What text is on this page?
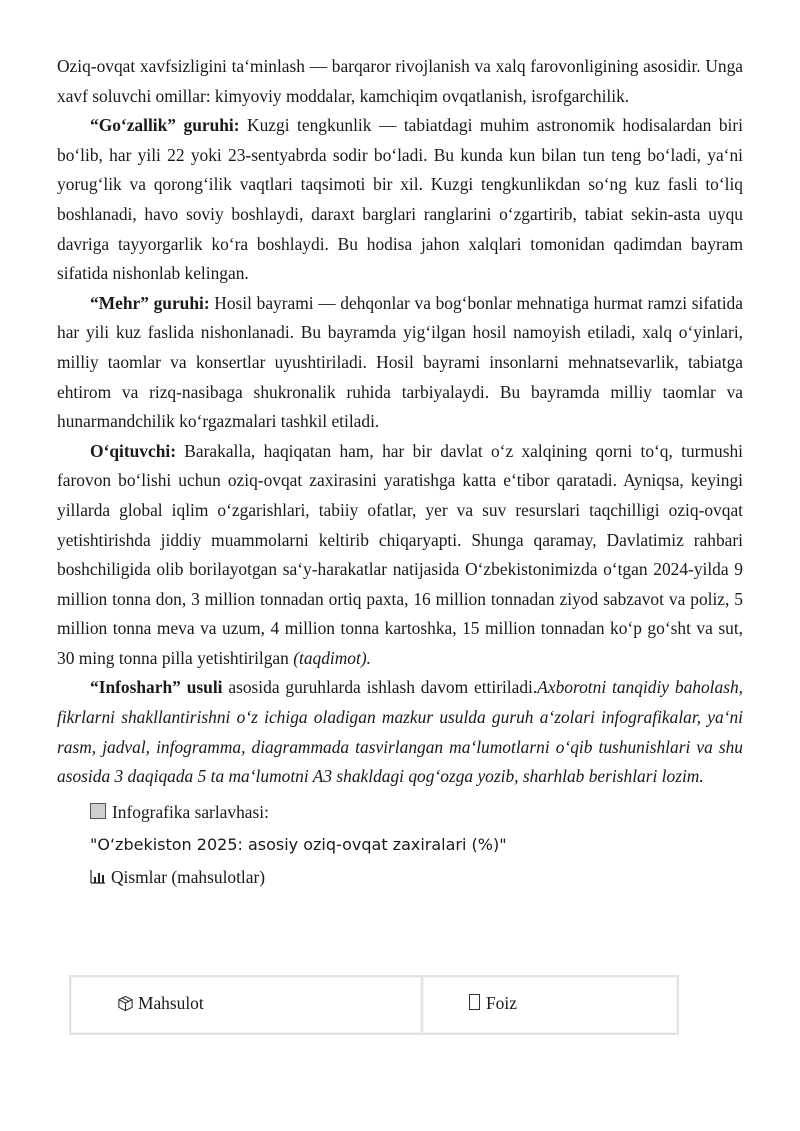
Oziq-ovqat xavfsizligini ta‘minlash — barqaror rivojlanish va xalq farovonligining asosidir. Unga xavf soluvchi omillar: kimyoviy moddalar, kamchiqim ovqatlanish, isrofgarchilik.

“Go‘zallik” guruhi: Kuzgi tengkunlik — tabiatdagi muhim astronomik hodisalardan biri bo‘lib, har yili 22 yoki 23-sentyabrda sodir bo‘ladi. Bu kunda kun bilan tun teng bo‘ladi, ya‘ni yorug‘lik va qorong‘ilik vaqtlari taqsimoti bir xil. Kuzgi tengkunlikdan so‘ng kuz fasli to‘liq boshlanadi, havo soviy boshlaydi, daraxt barglari ranglarini o‘zgartirib, tabiat sekin-asta uyqu davriga tayyorgarlik ko‘ra boshlaydi. Bu hodisa jahon xalqlari tomonidan qadimdan bayram sifatida nishonlab kelingan.

“Mehr” guruhi: Hosil bayrami — dehqonlar va bog‘bonlar mehnatiga hurmat ramzi sifatida har yili kuz faslida nishonlanadi. Bu bayramda yig‘ilgan hosil namoyish etiladi, xalq o‘yinlari, milliy taomlar va konsertlar uyushtiriladi. Hosil bayrami insonlarni mehnatsevarlik, tabiatga ehtirom va rizq-nasibaga shukronalik ruhida tarbiyalaydi. Bu bayramda milliy taomlar va hunarmandchilik ko‘rgazmalari tashkil etiladi.

O‘qituvchi: Barakalla, haqiqatan ham, har bir davlat o‘z xalqining qorni to‘q, turmushi farovon bo‘lishi uchun oziq-ovqat zaxirasini yaratishga katta e‘tibor qaratadi. Ayniqsa, keyingi yillarda global iqlim o‘zgarishlari, tabiiy ofatlar, yer va suv resurslari taqchilligi oziq-ovqat yetishtirishda jiddiy muammolarni keltirib chiqaryapti. Shunga qaramay, Davlatimiz rahbari boshchiligida olib borilayotgan sa‘y-harakatlar natijasida O‘zbekistonimizda o‘tgan 2024-yilda 9 million tonna don, 3 million tonnadan ortiq paxta, 16 million tonnadan ziyod sabzavot va poliz, 5 million tonna meva va uzum, 4 million tonna kartoshka, 15 million tonnadan ko‘p go‘sht va sut, 30 ming tonna pilla yetishtirilgan (taqdimot).

“Infosharh” usuli asosida guruhlarda ishlash davom ettiriladi.Axborotni tanqidiy baholash, fikrlarni shakllantirishni o‘z ichiga oladigan mazkur usulda guruh a‘zolari infografikalar, ya‘ni rasm, jadval, infogramma, diagrammada tasvirlangan ma‘lumotlarni o‘qib tushunishlari va shu asosida 3 daqiqada 5 ta ma‘lumotni A3 shakldagi qog‘ozga yozib, sharhlab berishlari lozim.

Infografika sarlavhasi:
"O‘zbekiston 2025: asosiy oziq-ovqat zaxiralari (%)"
Qismlar (mahsulotlar)
Mahsulot	Foiz
